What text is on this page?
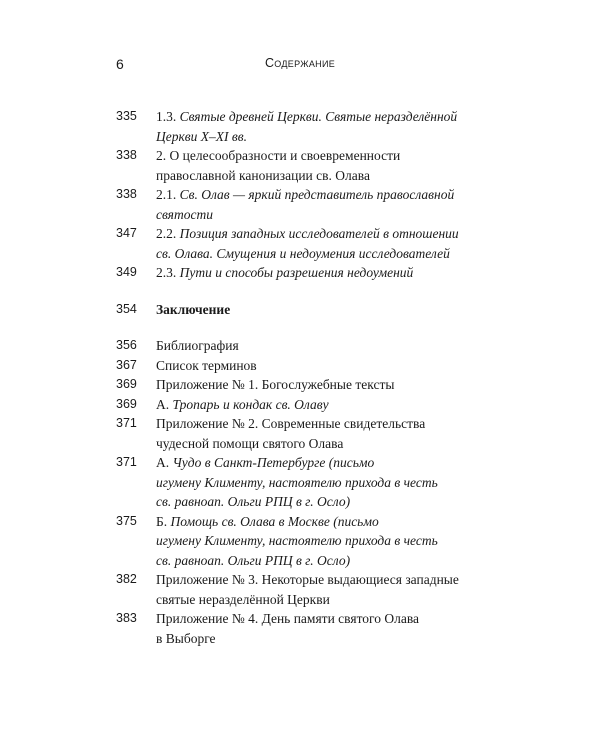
6	Содержание
335	1.3. Святые древней Церкви. Святые неразделённой
Церкви X–XI вв.
338	2. О целесообразности и своевременности
православной канонизации св. Олава
338	2.1. Св. Олав — яркий представитель православной
святости
347	2.2. Позиция западных исследователей в отношении
св. Олава. Смущения и недоумения исследователей
349	2.3. Пути и способы разрешения недоумений
354	Заключение
356	Библиография
367	Список терминов
369	Приложение № 1. Богослужебные тексты
369	А. Тропарь и кондак св. Олаву
371	Приложение № 2. Современные свидетельства
чудесной помощи святого Олава
371	А. Чудо в Санкт-Петербурге (письмо
игумену Клименту, настоятелю прихода в честь
св. равноап. Ольги РПЦ в г. Осло)
375	Б. Помощь св. Олава в Москве (письмо
игумену Клименту, настоятелю прихода в честь
св. равноап. Ольги РПЦ в г. Осло)
382	Приложение № 3. Некоторые выдающиеся западные
святые неразделённой Церкви
383	Приложение № 4. День памяти святого Олава
в Выборге
